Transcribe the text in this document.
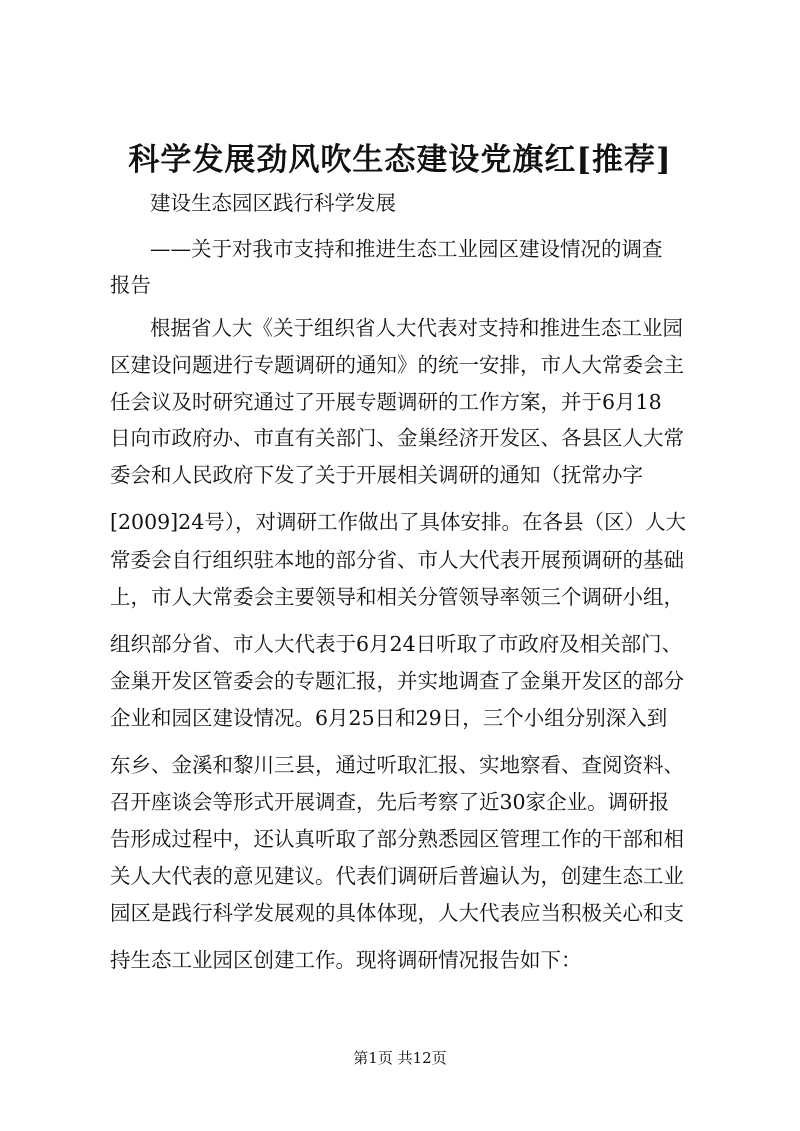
科学发展劲风吹生态建设党旗红[推荐]
建设生态园区践行科学发展
——关于对我市支持和推进生态工业园区建设情况的调查
报告
根据省人大《关于组织省人大代表对支持和推进生态工业园
区建设问题进行专题调研的通知》的统一安排，市人大常委会主
任会议及时研究通过了开展专题调研的工作方案，并于6月18
日向市政府办、市直有关部门、金巢经济开发区、各县区人大常
委会和人民政府下发了关于开展相关调研的通知（抚常办字
[2009]24号），对调研工作做出了具体安排。在各县（区）人大
常委会自行组织驻本地的部分省、市人大代表开展预调研的基础
上，市人大常委会主要领导和相关分管领导率领三个调研小组，
组织部分省、市人大代表于6月24日听取了市政府及相关部门、
金巢开发区管委会的专题汇报，并实地调查了金巢开发区的部分
企业和园区建设情况。6月25日和29日，三个小组分别深入到
东乡、金溪和黎川三县，通过听取汇报、实地察看、查阅资料、
召开座谈会等形式开展调查，先后考察了近30家企业。调研报
告形成过程中，还认真听取了部分熟悉园区管理工作的干部和相
关人大代表的意见建议。代表们调研后普遍认为，创建生态工业
园区是践行科学发展观的具体体现，人大代表应当积极关心和支
持生态工业园区创建工作。现将调研情况报告如下：
第1页 共12页
